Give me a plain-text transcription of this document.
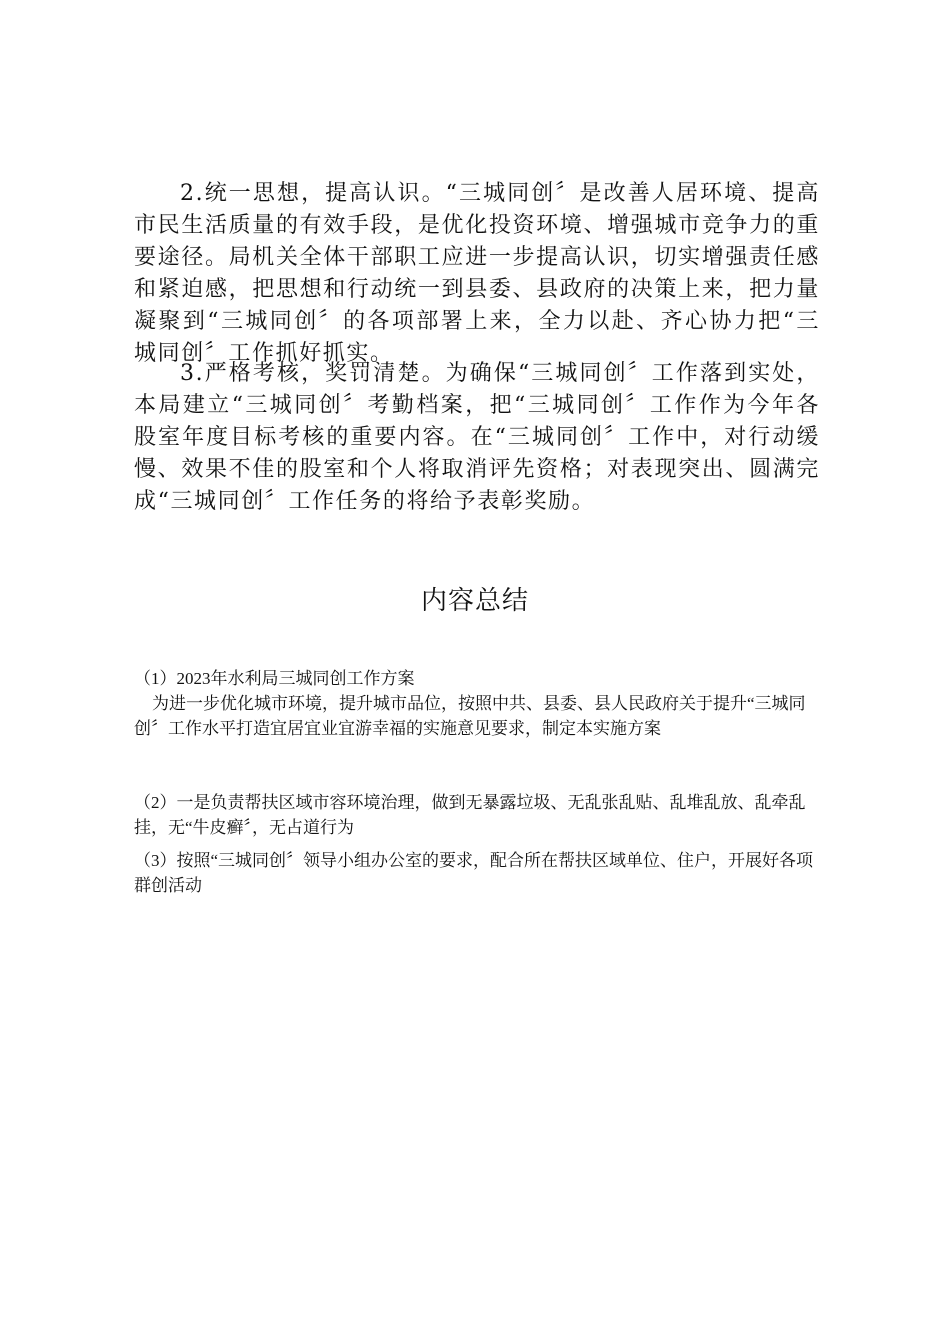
2.统一思想，提高认识。“三城同创〞是改善人居环境、提高市民生活质量的有效手段，是优化投资环境、增强城市竞争力的重要途径。局机关全体干部职工应进一步提高认识，切实增强责任感和紧迫感，把思想和行动统一到县委、县政府的决策上来，把力量凝聚到“三城同创〞的各项部署上来，全力以赴、齐心协力把“三城同创〞工作抓好抓实。

3.严格考核，奖罚清楚。为确保“三城同创〞工作落到实处，本局建立“三城同创〞考勤档案，把“三城同创〞工作作为今年各股室年度目标考核的重要内容。在“三城同创〞工作中，对行动缓慢、效果不佳的股室和个人将取消评先资格；对表现突出、圆满完成“三城同创〞工作任务的将给予表彰奖励。

内容总结

（1）2023年水利局三城同创工作方案

为进一步优化城市环境，提升城市品位，按照中共、县委、县人民政府关于提升“三城同创〞工作水平打造宜居宜业宜游幸福的实施意见要求，制定本实施方案

（2）一是负责帮扶区域市容环境治理，做到无暴露垃圾、无乱张乱贴、乱堆乱放、乱牵乱挂，无“牛皮癣〞，无占道行为

（3）按照“三城同创〞领导小组办公室的要求，配合所在帮扶区域单位、住户，开展好各项群创活动
